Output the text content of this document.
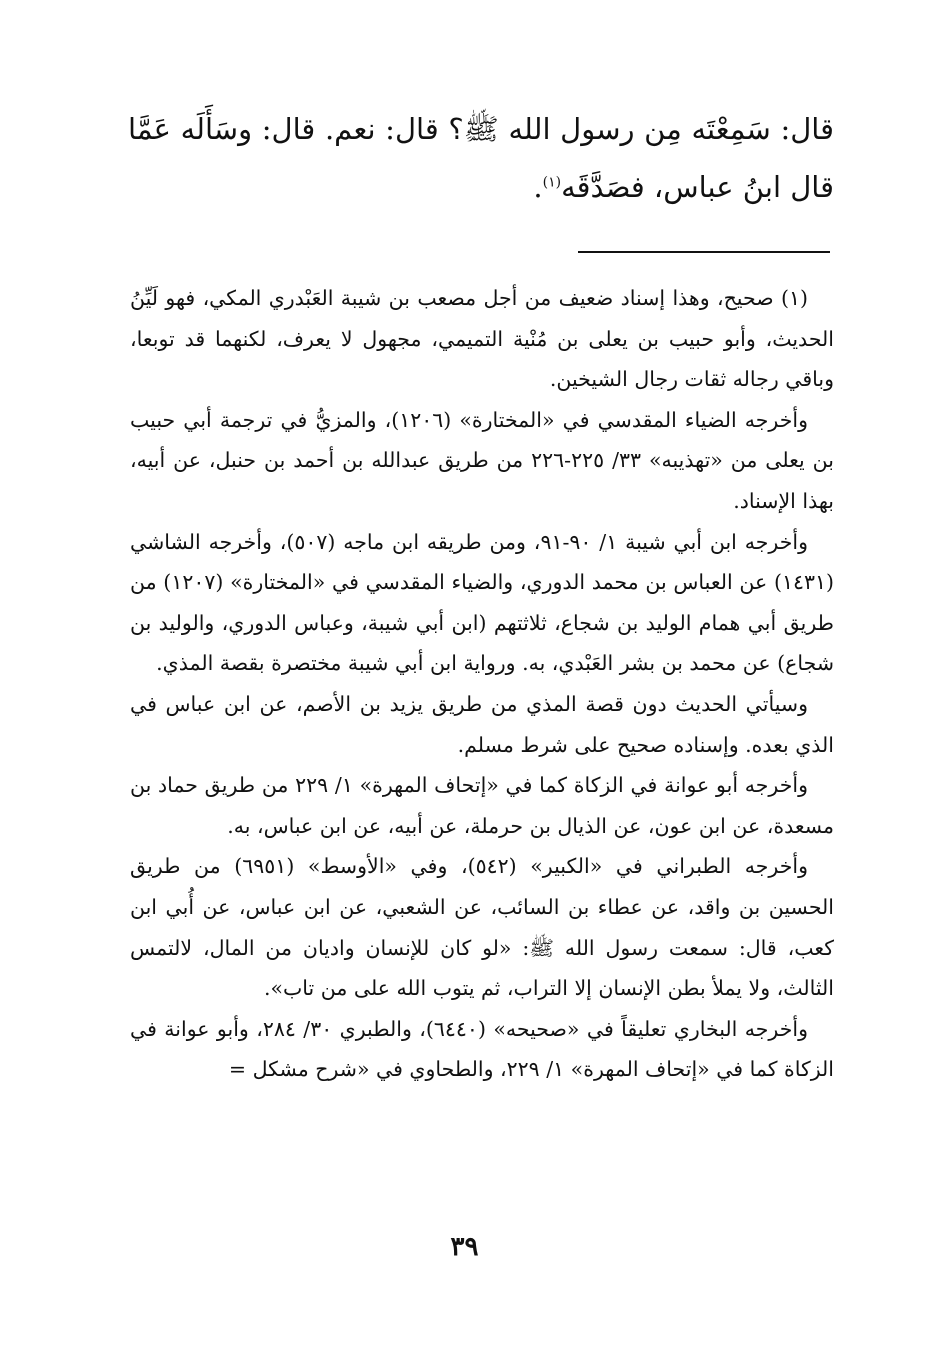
قال: سَمِعْتَه مِن رسول الله ﷺ؟ قال: نعم. قال: وسَأَلَه عَمَّا
قال ابنُ عباس، فصَدَّقَه$^{(١)}$.

(١) صحيح، وهذا إسناد ضعيف من أجل مصعب بن شيبة العَبْدري المكي، فهو لَيِّنُ الحديث، وأبو حبيب بن يعلى بن مُنْية التميمي، مجهول لا يعرف، لكنهما قد توبعا، وباقي رجاله ثقات رجال الشيخين.

وأخرجه الضياء المقدسي في «المختارة» (١٢٠٦)، والمزيُّ في ترجمة أبي حبيب بن يعلى من «تهذيبه» ٣٣/ ٢٢٥-٢٢٦ من طريق عبدالله بن أحمد بن حنبل، عن أبيه، بهذا الإسناد.

وأخرجه ابن أبي شيبة ١/ ٩٠-٩١، ومن طريقه ابن ماجه (٥٠٧)، وأخرجه الشاشي (١٤٣١) عن العباس بن محمد الدوري، والضياء المقدسي في «المختارة» (١٢٠٧) من طريق أبي همام الوليد بن شجاع، ثلاثتهم (ابن أبي شيبة، وعباس الدوري، والوليد بن شجاع) عن محمد بن بشر العَبْدي، به. ورواية ابن أبي شيبة مختصرة بقصة المذي.

وسيأتي الحديث دون قصة المذي من طريق يزيد بن الأصم، عن ابن عباس في الذي بعده. وإسناده صحيح على شرط مسلم.

وأخرجه أبو عوانة في الزكاة كما في «إتحاف المهرة» ١/ ٢٢٩ من طريق حماد بن مسعدة، عن ابن عون، عن الذيال بن حرملة، عن أبيه، عن ابن عباس، به.

وأخرجه الطبراني في «الكبير» (٥٤٢)، وفي «الأوسط» (٦٩٥١) من طريق الحسين بن واقد، عن عطاء بن السائب، عن الشعبي، عن ابن عباس، عن أُبي ابن كعب، قال: سمعت رسول الله ﷺ: «لو كان للإنسان واديان من المال، لالتمس الثالث، ولا يملأ بطن الإنسان إلا التراب، ثم يتوب الله على من تاب».

وأخرجه البخاري تعليقاً في «صحيحه» (٦٤٤٠)، والطبري ٣٠/ ٢٨٤، وأبو عوانة في الزكاة كما في «إتحاف المهرة» ١/ ٢٢٩، والطحاوي في «شرح مشكل =

٣٩
